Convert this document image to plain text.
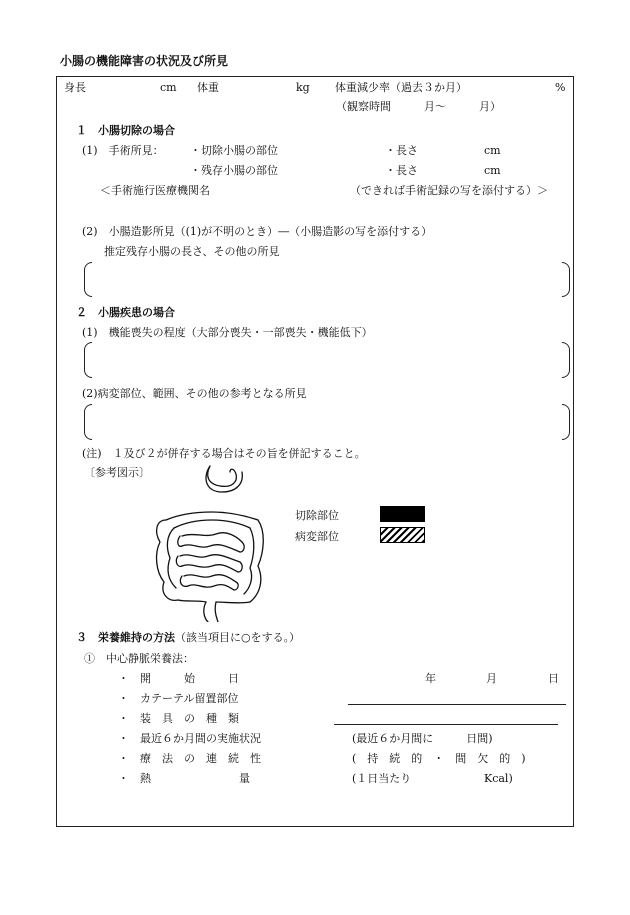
小腸の機能障害の状況及び所見
身長	cm 体重	kg 体重減少率（過去３か月）	%
（観察時間　　　月～　　　月）
１　小腸切除の場合
(1)　手術所見： ・切除小腸の部位	・長さ	cm
・残存小腸の部位	・長さ	cm
＜手術施行医療機関名	（できれば手術記録の写を添付する）＞
(2)　小腸造影所見（(1)が不明のとき）―（小腸造影の写を添付する）
推定残存小腸の長さ、その他の所見
２　小腸疾患の場合
(1)　機能喪失の程度（大部分喪失・一部喪失・機能低下）
(2)病変部位、範囲、その他の参考となる所見
(注)　１及び２が併存する場合はその旨を併記すること。
〔参考図示〕
切除部位
病変部位
３　栄養維持の方法（該当項目に○をする。）
①　中心静脈栄養法：
・ 開　　　始　　　日	年	月	日
・ カテーテル留置部位
・ 装　具　の　種　類
・ 最近６か月間の実施状況	(最近６か月間に　　　日間)
・ 療　法　の　連　続　性	(　持　続　的　・　間　欠　的　)
・ 熱　　　　　　　　量	(１日当たり	Kcal)
